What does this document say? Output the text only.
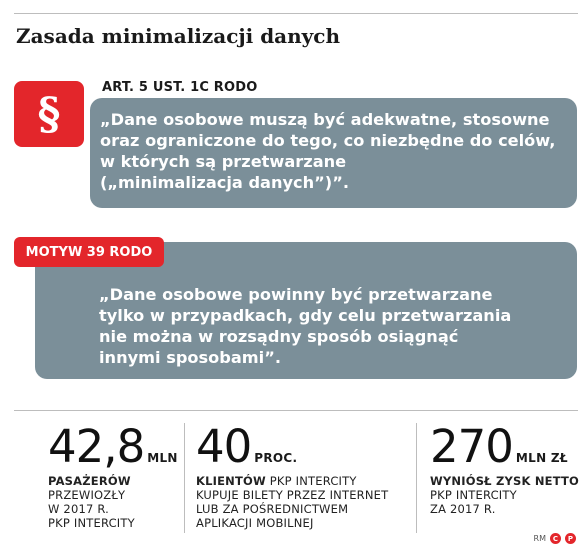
Zasada minimalizacji danych
§
ART. 5 UST. 1C RODO
„Dane osobowe muszą być adekwatne, stosowne
oraz ograniczone do tego, co niezbędne do celów,
w których są przetwarzane
(„minimalizacja danych”)”.
„Dane osobowe powinny być przetwarzane
tylko w przypadkach, gdy celu przetwarzania
nie można w rozsądny sposób osiągnąć
innymi sposobami”.
MOTYW 39 RODO
42,8 MLN
PASAŻERÓW
PRZEWIOZŁY
W 2017 R.
PKP INTERCITY
40 PROC.
KLIENTÓW PKP INTERCITY
KUPUJE BILETY PRZEZ INTERNET
LUB ZA POŚREDNICTWEM
APLIKACJI MOBILNEJ
270 MLN ZŁ
WYNIÓSŁ ZYSK NETTO
PKP INTERCITY
ZA 2017 R.
RM C	P
